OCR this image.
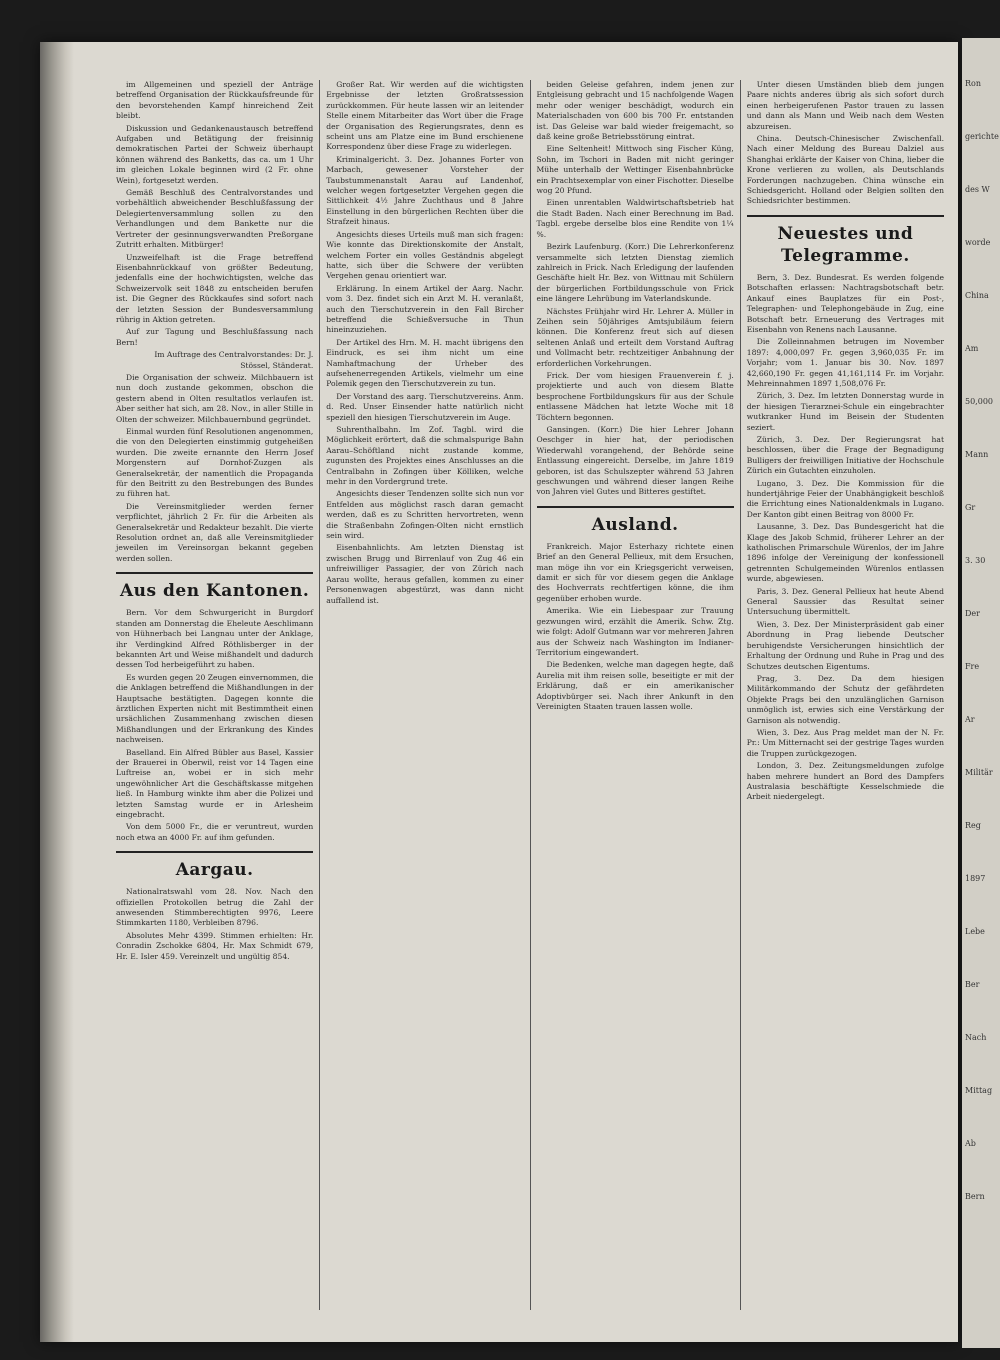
im Allgemeinen und speziell der Anträge betreffend Organisation der Rückkaufsfreunde für den bevorstehenden Kampf hinreichend Zeit bleibt.

Diskussion und Gedankenaustausch betreffend Aufgaben und Betätigung der freisinnig demokratischen Partei der Schweiz überhaupt können während des Banketts, das ca. um 1 Uhr im gleichen Lokale beginnen wird (2 Fr. ohne Wein), fortgesetzt werden.

Gemäß Beschluß des Centralvorstandes und vorbehältlich abweichender Beschlußfassung der Delegiertenversammlung sollen zu den Verhandlungen und dem Bankette nur die Vertreter der gesinnungsverwandten Preßorgane Zutritt erhalten. Mitbürger!

Unzweifelhaft ist die Frage betreffend Eisenbahnrückkauf von größter Bedeutung, jedenfalls eine der hochwichtigsten, welche das Schweizervolk seit 1848 zu entscheiden berufen ist. Die Gegner des Rückkaufes sind sofort nach der letzten Session der Bundesversammlung rührig in Aktion getreten.

Auf zur Tagung und Beschlußfassung nach Bern!

Im Auftrage des Centralvorstandes: Dr. J. Stössel, Ständerat.

Die Organisation der schweiz. Milchbauern ist nun doch zustande gekommen, obschon die gestern abend in Olten resultatlos verlaufen ist. Aber seither hat sich, am 28. Nov., in aller Stille in Olten der schweizer. Milchbauernbund gegründet.

Einmal wurden fünf Resolutionen angenommen, die von den Delegierten einstimmig gutgeheißen wurden. Die zweite ernannte den Herrn Josef Morgenstern auf Dornhof-Zuzgen als Generalsekretär, der namentlich die Propaganda für den Beitritt zu den Bestrebungen des Bundes zu führen hat.

Die Vereinsmitglieder werden ferner verpflichtet, jährlich 2 Fr. für die Arbeiten als Generalsekretär und Redakteur bezahlt. Die vierte Resolution ordnet an, daß alle Vereinsmitglieder jeweilen im Vereinsorgan bekannt gegeben werden sollen.

Aus den Kantonen.

Bern. Vor dem Schwurgericht in Burgdorf standen am Donnerstag die Eheleute Aeschlimann von Hühnerbach bei Langnau unter der Anklage, ihr Verdingkind Alfred Röthlisberger in der bekannten Art und Weise mißhandelt und dadurch dessen Tod herbeigeführt zu haben.

Es wurden gegen 20 Zeugen einvernommen, die die Anklagen betreffend die Mißhandlungen in der Hauptsache bestätigten. Dagegen konnte die ärztlichen Experten nicht mit Bestimmtheit einen ursächlichen Zusammenhang zwischen diesen Mißhandlungen und der Erkrankung des Kindes nachweisen.

Baselland. Ein Alfred Bübler aus Basel, Kassier der Brauerei in Oberwil, reist vor 14 Tagen eine Luftreise an, wobei er in sich mehr ungewöhnlicher Art die Geschäftskasse mitgehen ließ. In Hamburg winkte ihm aber die Polizei und letzten Samstag wurde er in Arlesheim eingebracht.

Von dem 5000 Fr., die er veruntreut, wurden noch etwa an 4000 Fr. auf ihm gefunden.

Aargau.

Nationalratswahl vom 28. Nov. Nach den offiziellen Protokollen betrug die Zahl der anwesenden Stimmberechtigten 9976, Leere Stimmkarten 1180, Verbleiben 8796.

Absolutes Mehr 4399. Stimmen erhielten: Hr. Conradin Zschokke 6804, Hr. Max Schmidt 679, Hr. E. Isler 459. Vereinzelt und ungültig 854.

Großer Rat. Wir werden auf die wichtigsten Ergebnisse der letzten Großratssession zurückkommen. Für heute lassen wir an leitender Stelle einem Mitarbeiter das Wort über die Frage der Organisation des Regierungsrates, denn es scheint uns am Platze eine im Bund erschienene Korrespondenz über diese Frage zu widerlegen.

Kriminalgericht. 3. Dez. Johannes Forter von Marbach, gewesener Vorsteher der Taubstummenanstalt Aarau auf Landenhof, welcher wegen fortgesetzter Vergehen gegen die Sittlichkeit 4½ Jahre Zuchthaus und 8 Jahre Einstellung in den bürgerlichen Rechten über die Strafzeit hinaus.

Angesichts dieses Urteils muß man sich fragen: Wie konnte das Direktionskomite der Anstalt, welchem Forter ein volles Geständnis abgelegt hatte, sich über die Schwere der verübten Vergehen genau orientiert war.

Erklärung. In einem Artikel der Aarg. Nachr. vom 3. Dez. findet sich ein Arzt M. H. veranlaßt, auch den Tierschutzverein in den Fall Bircher betreffend die Schießversuche in Thun hineinzuziehen.

Der Artikel des Hrn. M. H. macht übrigens den Eindruck, es sei ihm nicht um eine Namhaftmachung der Urheber des aufsehenerregenden Artikels, vielmehr um eine Polemik gegen den Tierschutzverein zu tun.

Der Vorstand des aarg. Tierschutzvereins. Anm. d. Red. Unser Einsender hatte natürlich nicht speziell den hiesigen Tierschutzverein im Auge.

Suhrenthalbahn. Im Zof. Tagbl. wird die Möglichkeit erörtert, daß die schmalspurige Bahn Aarau–Schöftland nicht zustande komme, zugunsten des Projektes eines Anschlusses an die Centralbahn in Zofingen über Kölliken, welche mehr in den Vordergrund trete.

Angesichts dieser Tendenzen sollte sich nun vor Entfelden aus möglichst rasch daran gemacht werden, daß es zu Schritten hervortreten, wenn die Straßenbahn Zofingen-Olten nicht ernstlich sein wird.

Eisenbahnlichts. Am letzten Dienstag ist zwischen Brugg und Birrenlauf von Zug 46 ein unfreiwilliger Passagier, der von Zürich nach Aarau wollte, heraus gefallen, kommen zu einer Personenwagen abgestürzt, was dann nicht auffallend ist.

beiden Geleise gefahren, indem jenen zur Entgleisung gebracht und 15 nachfolgende Wagen mehr oder weniger beschädigt, wodurch ein Materialschaden von 600 bis 700 Fr. entstanden ist. Das Geleise war bald wieder freigemacht, so daß keine große Betriebsstörung eintrat.

Eine Seltenheit! Mittwoch sing Fischer Küng, Sohn, im Tschori in Baden mit nicht geringer Mühe unterhalb der Wettinger Eisenbahnbrücke ein Prachtsexemplar von einer Fischotter. Dieselbe wog 20 Pfund.

Einen unrentablen Waldwirtschaftsbetrieb hat die Stadt Baden. Nach einer Berechnung im Bad. Tagbl. ergebe derselbe blos eine Rendite von 1¼ %.

Bezirk Laufenburg. (Korr.) Die Lehrerkonferenz versammelte sich letzten Dienstag ziemlich zahlreich in Frick. Nach Erledigung der laufenden Geschäfte hielt Hr. Bez. von Wittnau mit Schülern der bürgerlichen Fortbildungsschule von Frick eine längere Lehrübung im Vaterlandskunde.

Nächstes Frühjahr wird Hr. Lehrer A. Müller in Zeihen sein 50jähriges Amtsjubiläum feiern können. Die Konferenz freut sich auf diesen seltenen Anlaß und erteilt dem Vorstand Auftrag und Vollmacht betr. rechtzeitiger Anbahnung der erforderlichen Vorkehrungen.

Frick. Der vom hiesigen Frauenverein f. j. projektierte und auch von diesem Blatte besprochene Fortbildungskurs für aus der Schule entlassene Mädchen hat letzte Woche mit 18 Töchtern begonnen.

Gansingen. (Korr.) Die hier Lehrer Johann Oeschger in hier hat, der periodischen Wiederwahl vorangehend, der Behörde seine Entlassung eingereicht. Derselbe, im Jahre 1819 geboren, ist das Schulszepter während 53 Jahren geschwungen und während dieser langen Reihe von Jahren viel Gutes und Bitteres gestiftet.

Ausland.

Frankreich. Major Esterhazy richtete einen Brief an den General Pellieux, mit dem Ersuchen, man möge ihn vor ein Kriegsgericht verweisen, damit er sich für vor diesem gegen die Anklage des Hochverrats rechtfertigen könne, die ihm gegenüber erhoben wurde.

Amerika. Wie ein Liebespaar zur Trauung gezwungen wird, erzählt die Amerik. Schw. Ztg. wie folgt: Adolf Gutmann war vor mehreren Jahren aus der Schweiz nach Washington im Indianer-Territorium eingewandert.

Die Bedenken, welche man dagegen hegte, daß Aurelia mit ihm reisen solle, beseitigte er mit der Erklärung, daß er ein amerikanischer Adoptivbürger sei. Nach ihrer Ankunft in den Vereinigten Staaten trauen lassen wolle.

Unter diesen Umständen blieb dem jungen Paare nichts anderes übrig als sich sofort durch einen herbeigerufenen Pastor trauen zu lassen und dann als Mann und Weib nach dem Westen abzureisen.

China. Deutsch-Chinesischer Zwischenfall. Nach einer Meldung des Bureau Dalziel aus Shanghai erklärte der Kaiser von China, lieber die Krone verlieren zu wollen, als Deutschlands Forderungen nachzugeben. China wünsche ein Schiedsgericht. Holland oder Belgien sollten den Schiedsrichter bestimmen.

Neuestes und Telegramme.

Bern, 3. Dez. Bundesrat. Es werden folgende Botschaften erlassen: Nachtragsbotschaft betr. Ankauf eines Bauplatzes für ein Post-, Telegraphen- und Telephongebäude in Zug, eine Botschaft betr. Erneuerung des Vertrages mit Eisenbahn von Renens nach Lausanne.

Die Zolleinnahmen betrugen im November 1897: 4,000,097 Fr. gegen 3,960,035 Fr. im Vorjahr; vom 1. Januar bis 30. Nov. 1897 42,660,190 Fr. gegen 41,161,114 Fr. im Vorjahr. Mehreinnahmen 1897 1,508,076 Fr.

Zürich, 3. Dez. Im letzten Donnerstag wurde in der hiesigen Tierarznei-Schule ein eingebrachter wutkranker Hund im Beisein der Studenten seziert.

Zürich, 3. Dez. Der Regierungsrat hat beschlossen, über die Frage der Begnadigung Bulligers der freiwilligen Initiative der Hochschule Zürich ein Gutachten einzuholen.

Lugano, 3. Dez. Die Kommission für die hundertjährige Feier der Unabhängigkeit beschloß die Errichtung eines Nationaldenkmals in Lugano. Der Kanton gibt einen Beitrag von 8000 Fr.

Lausanne, 3. Dez. Das Bundesgericht hat die Klage des Jakob Schmid, früherer Lehrer an der katholischen Primarschule Würenlos, der im Jahre 1896 infolge der Vereinigung der konfessionell getrennten Schulgemeinden Würenlos entlassen wurde, abgewiesen.

Paris, 3. Dez. General Pellieux hat heute Abend General Saussier das Resultat seiner Untersuchung übermittelt.

Wien, 3. Dez. Der Ministerpräsident gab einer Abordnung in Prag liebende Deutscher beruhigendste Versicherungen hinsichtlich der Erhaltung der Ordnung und Ruhe in Prag und des Schutzes deutschen Eigentums.

Prag, 3. Dez. Da dem hiesigen Militärkommando der Schutz der gefährdeten Objekte Prags bei den unzulänglichen Garnison unmöglich ist, erwies sich eine Verstärkung der Garnison als notwendig.

Wien, 3. Dez. Aus Prag meldet man der N. Fr. Pr.: Um Mitternacht sei der gestrige Tages wurden die Truppen zurückgezogen.

London, 3. Dez. Zeitungsmeldungen zufolge haben mehrere hundert an Bord des Dampfers Australasia beschäftigte Kesselschmiede die Arbeit niedergelegt.

Ron
gerichte
des W
worde
China
Am
50,000
Mann
Gr
3. 30
Der
Fre
Ar
Militär
Reg
1897
Lebe
Ber
Nach
Mittag
Ab
Bern
